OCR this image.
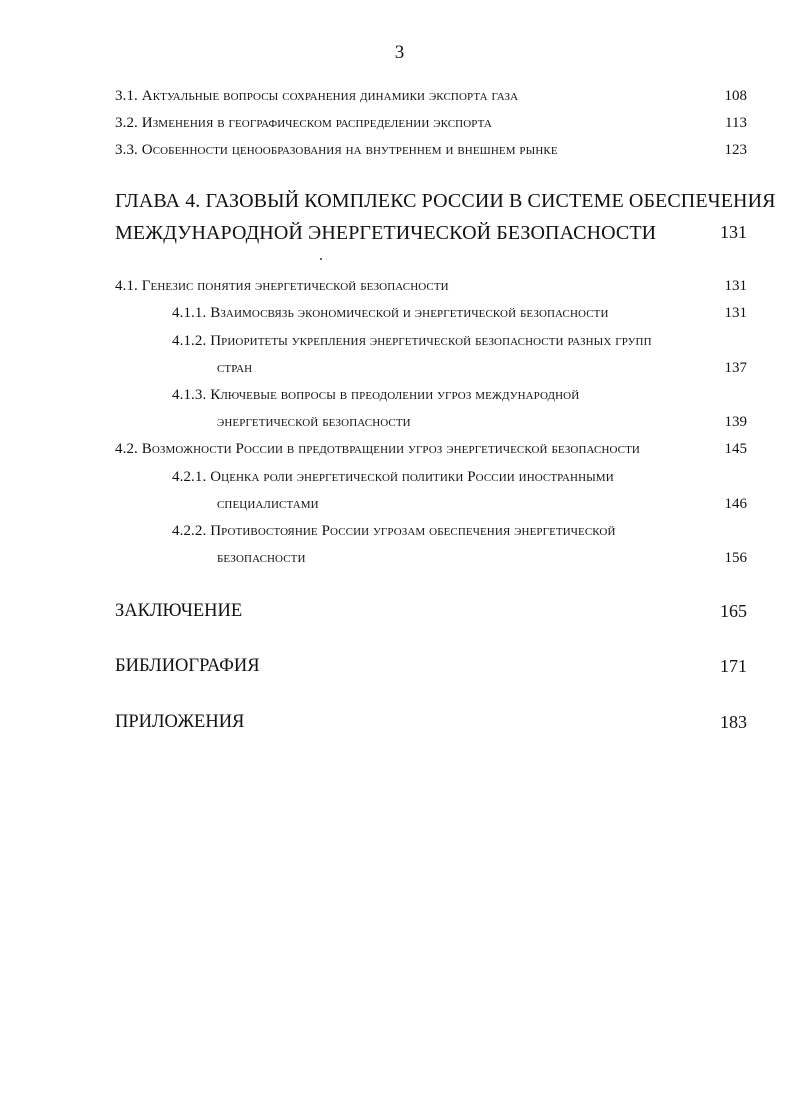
3
3.1. Актуальные вопросы сохранения динамики экспорта газа	108
3.2. Изменения в географическом распределении экспорта	113
3.3. Особенности ценообразования на внутреннем и внешнем рынке	123
ГЛАВА 4. ГАЗОВЫЙ КОМПЛЕКС РОССИИ В СИСТЕМЕ ОБЕСПЕЧЕНИЯ
МЕЖДУНАРОДНОЙ ЭНЕРГЕТИЧЕСКОЙ БЕЗОПАСНОСТИ	131
4.1. Генезис понятия энергетической безопасности	131
4.1.1. Взаимосвязь экономической и энергетической безопасности	131
4.1.2. Приоритеты укрепления энергетической безопасности разных групп
стран	137
4.1.3. Ключевые вопросы в преодолении угроз международной
энергетической безопасности	139
4.2. Возможности России в предотвращении угроз энергетической безопасности	145
4.2.1. Оценка роли энергетической политики России иностранными
специалистами	146
4.2.2. Противостояние России угрозам обеспечения энергетической
безопасности	156
ЗАКЛЮЧЕНИЕ	165
БИБЛИОГРАФИЯ	171
ПРИЛОЖЕНИЯ	183
